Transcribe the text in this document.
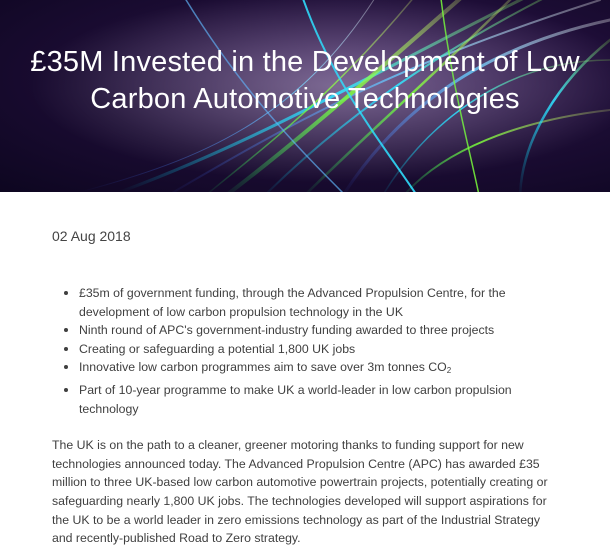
£35M Invested in the Development of Low Carbon Automotive Technologies
02 Aug 2018
£35m of government funding, through the Advanced Propulsion Centre, for the development of low carbon propulsion technology in the UK
Ninth round of APC's government-industry funding awarded to three projects
Creating or safeguarding a potential 1,800 UK jobs
Innovative low carbon programmes aim to save over 3m tonnes $CO_2$
Part of 10-year programme to make UK a world-leader in low carbon propulsion technology

The UK is on the path to a cleaner, greener motoring thanks to funding support for new technologies announced today. The Advanced Propulsion Centre (APC) has awarded £35 million to three UK-based low carbon automotive powertrain projects, potentially creating or safeguarding nearly 1,800 UK jobs. The technologies developed will support aspirations for the UK to be a world leader in zero emissions technology as part of the Industrial Strategy and recently-published Road to Zero strategy.
